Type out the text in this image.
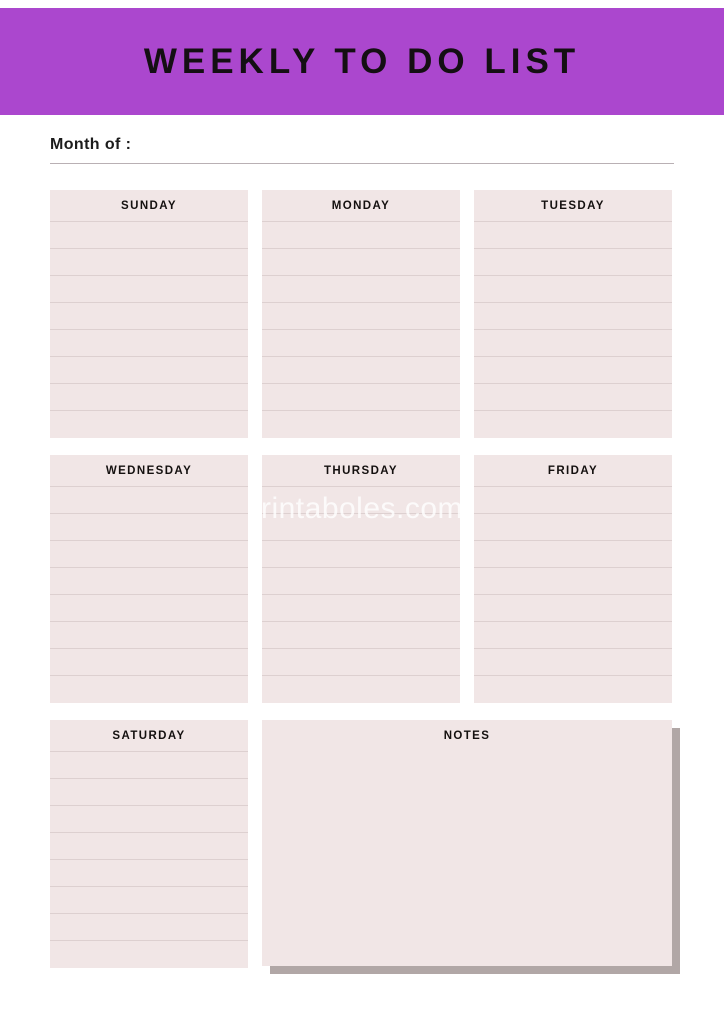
WEEKLY TO DO LIST
Month of :
SUNDAY	MONDAY	TUESDAY
WEDNESDAY	THURSDAY	FRIDAY
SATURDAY	NOTES
rintaboles.com
